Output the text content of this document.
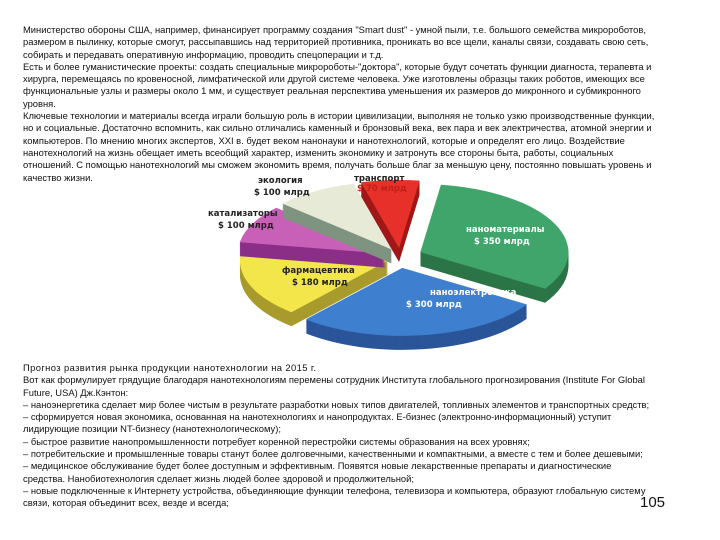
Министерство обороны США, например, финансирует программу создания "Smart dust" - умной пыли, т.е. большого семейства микророботов,
размером в пылинку, которые смогут, рассыпавшись над территорией противника, проникать во все щели, каналы связи, создавать свою сеть,
собирать и передавать оперативную информацию, проводить спецоперации и т.д.
Есть и более гуманистические проекты: создать специальные микророботы-"доктора", которые будут сочетать функции диагноста, терапевта и
хирурга, перемещаясь по кровеносной, лимфатической или другой системе человека. Уже изготовлены образцы таких роботов, имеющих все
функциональные узлы и размеры около 1 мм, и существует реальная перспектива уменьшения их размеров до микронного и субмикронного
уровня.
Ключевые технологии и материалы всегда играли большую роль в истории цивилизации, выполняя не только узкю производственные функции,
но и социальные. Достаточно вспомнить, как сильно отличались каменный и бронзовый века, век пара и век электричества, атомной энергии и
компьютеров. По мнению многих экспертов, XXI в. будет веком нанонауки и нанотехнологий, которые и определят его лицо. Воздействие
нанотехнологий на жизнь обещает иметь всеобщий характер, изменить экономику и затронуть все стороны быта, работы, социальных
отношений. С помощью нанотехнологий мы сможем экономить время, получать больше благ за меньшую цену, постоянно повышать уровень и
качество жизни.	транспорт
$ 70 млрд
экология
$ 100 млрд
катализаторы
$ 100 млрд
фармацевтика
$ 180 млрд
наноэлектроника
$ 300 млрд
наноматериалы
$ 350 млрд
Прогноз развития рынка продукции нанотехнологии на 2015 г.
Вот как формулирует грядущие благодаря нанотехнологиям перемены сотрудник Института глобального прогнозирования (Institute For Global
Future, USA) Дж.Кэнтон:
– наноэнергетика сделает мир более чистым в результате разработки новых типов двигателей, топливных элементов и транспортных средств;
– сформируется новая экономика, основанная на нанотехнологиях и нанопродуктах. Е-бизнес (электронно-информационный) уступит
лидирующие позиции NT-бизнесу (нанотехнологическому);
– быстрое развитие нанопромышленности потребует коренной перестройки системы образования на всех уровнях;
– потребительские и промышленные товары станут более долговечными, качественными и компактными, а вместе с тем и более дешевыми;
– медицинское обслуживание будет более доступным и эффективным. Появятся новые лекарственные препараты и диагностические
средства. Нанобиотехнология сделает жизнь людей более здоровой и продолжительной;
– новые подключенные к Интернету устройства, объединяющие функции телефона, телевизора и компьютера, образуют глобальную систему
связи, которая объединит всех, везде и всегда;	105
